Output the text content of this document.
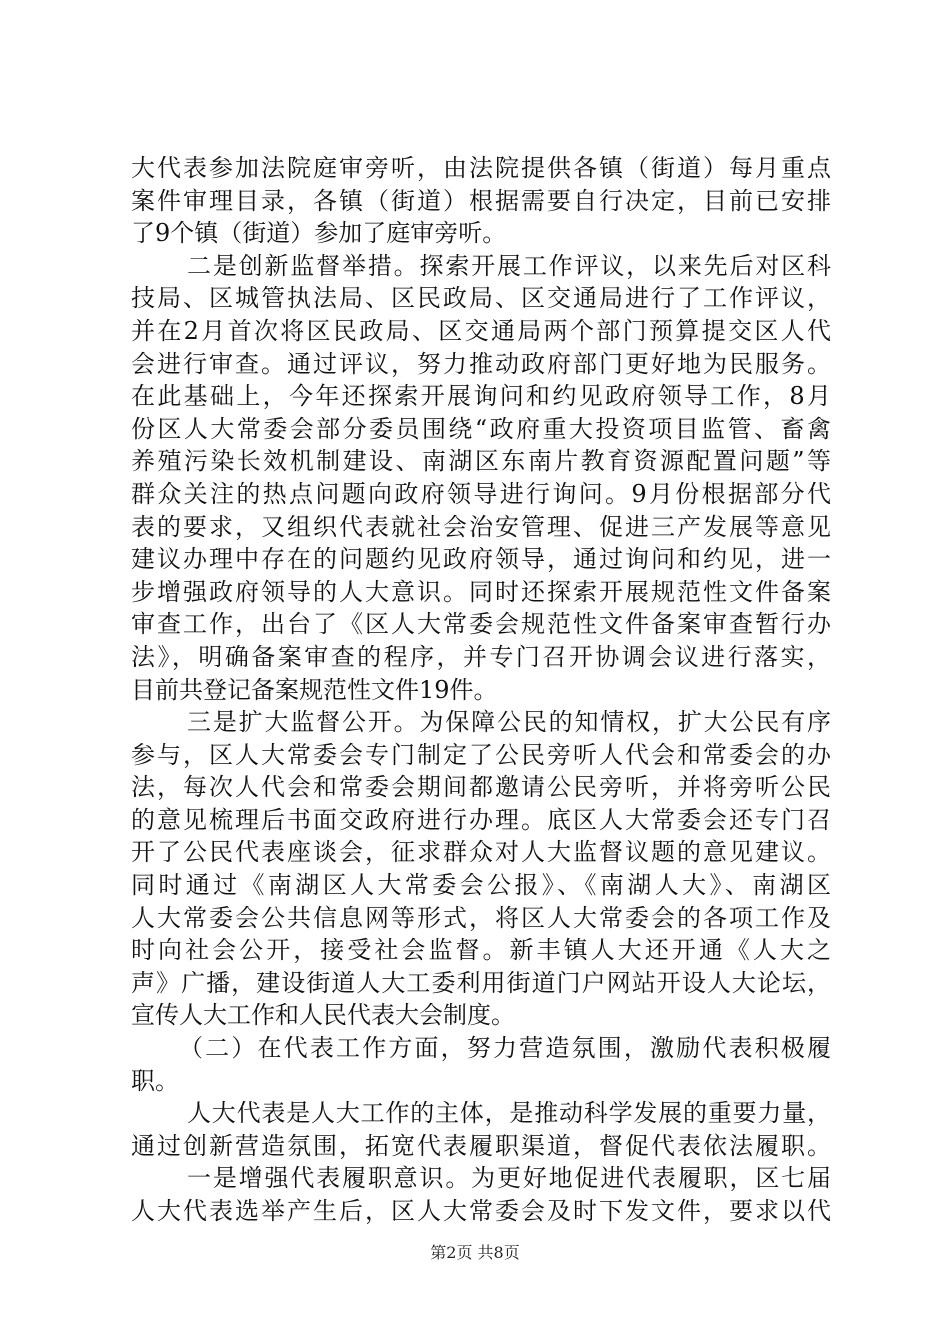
大代表参加法院庭审旁听，由法院提供各镇（街道）每月重点
案件审理目录，各镇（街道）根据需要自行决定，目前已安排
了9个镇（街道）参加了庭审旁听。
二是创新监督举措。探索开展工作评议，以来先后对区科
技局、区城管执法局、区民政局、区交通局进行了工作评议，
并在2月首次将区民政局、区交通局两个部门预算提交区人代
会进行审查。通过评议，努力推动政府部门更好地为民服务。
在此基础上，今年还探索开展询问和约见政府领导工作，8月
份区人大常委会部分委员围绕“政府重大投资项目监管、畜禽
养殖污染长效机制建设、南湖区东南片教育资源配置问题”等
群众关注的热点问题向政府领导进行询问。9月份根据部分代
表的要求，又组织代表就社会治安管理、促进三产发展等意见
建议办理中存在的问题约见政府领导，通过询问和约见，进一
步增强政府领导的人大意识。同时还探索开展规范性文件备案
审查工作，出台了《区人大常委会规范性文件备案审查暂行办
法》，明确备案审查的程序，并专门召开协调会议进行落实，
目前共登记备案规范性文件19件。
三是扩大监督公开。为保障公民的知情权，扩大公民有序
参与，区人大常委会专门制定了公民旁听人代会和常委会的办
法，每次人代会和常委会期间都邀请公民旁听，并将旁听公民
的意见梳理后书面交政府进行办理。底区人大常委会还专门召
开了公民代表座谈会，征求群众对人大监督议题的意见建议。
同时通过《南湖区人大常委会公报》、《南湖人大》、南湖区
人大常委会公共信息网等形式，将区人大常委会的各项工作及
时向社会公开，接受社会监督。新丰镇人大还开通《人大之
声》广播，建设街道人大工委利用街道门户网站开设人大论坛，
宣传人大工作和人民代表大会制度。
（二）在代表工作方面，努力营造氛围，激励代表积极履
职。
人大代表是人大工作的主体，是推动科学发展的重要力量，
通过创新营造氛围，拓宽代表履职渠道，督促代表依法履职。
一是增强代表履职意识。为更好地促进代表履职，区七届
人大代表选举产生后，区人大常委会及时下发文件，要求以代
第2页 共8页
